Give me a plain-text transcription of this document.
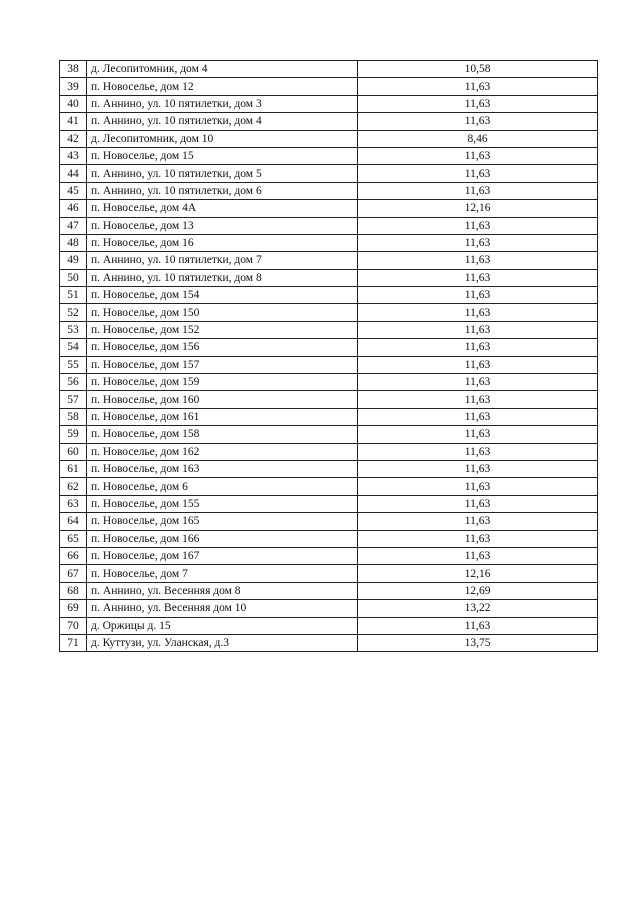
38	д. Лесопитомник, дом 4	10,58
39	п. Новоселье, дом 12	11,63
40	п. Аннино, ул. 10 пятилетки, дом 3	11,63
41	п. Аннино, ул. 10 пятилетки, дом 4	11,63
42	д. Лесопитомник, дом 10	8,46
43	п. Новоселье, дом 15	11,63
44	п. Аннино, ул. 10 пятилетки, дом 5	11,63
45	п. Аннино, ул. 10 пятилетки, дом 6	11,63
46	п. Новоселье, дом 4А	12,16
47	п. Новоселье, дом 13	11,63
48	п. Новоселье, дом 16	11,63
49	п. Аннино, ул. 10 пятилетки, дом 7	11,63
50	п. Аннино, ул. 10 пятилетки, дом 8	11,63
51	п. Новоселье, дом 154	11,63
52	п. Новоселье, дом 150	11,63
53	п. Новоселье, дом 152	11,63
54	п. Новоселье, дом 156	11,63
55	п. Новоселье, дом 157	11,63
56	п. Новоселье, дом 159	11,63
57	п. Новоселье, дом 160	11,63
58	п. Новоселье, дом 161	11,63
59	п. Новоселье, дом 158	11,63
60	п. Новоселье, дом 162	11,63
61	п. Новоселье, дом 163	11,63
62	п. Новоселье, дом 6	11,63
63	п. Новоселье, дом 155	11,63
64	п. Новоселье, дом 165	11,63
65	п. Новоселье, дом 166	11,63
66	п. Новоселье, дом 167	11,63
67	п. Новоселье, дом 7	12,16
68	п. Аннино, ул. Весенняя дом 8	12,69
69	п. Аннино, ул. Весенняя дом 10	13,22
70	д. Оржицы д. 15	11,63
71	д. Куттузи, ул. Уланская, д.3	13,75
